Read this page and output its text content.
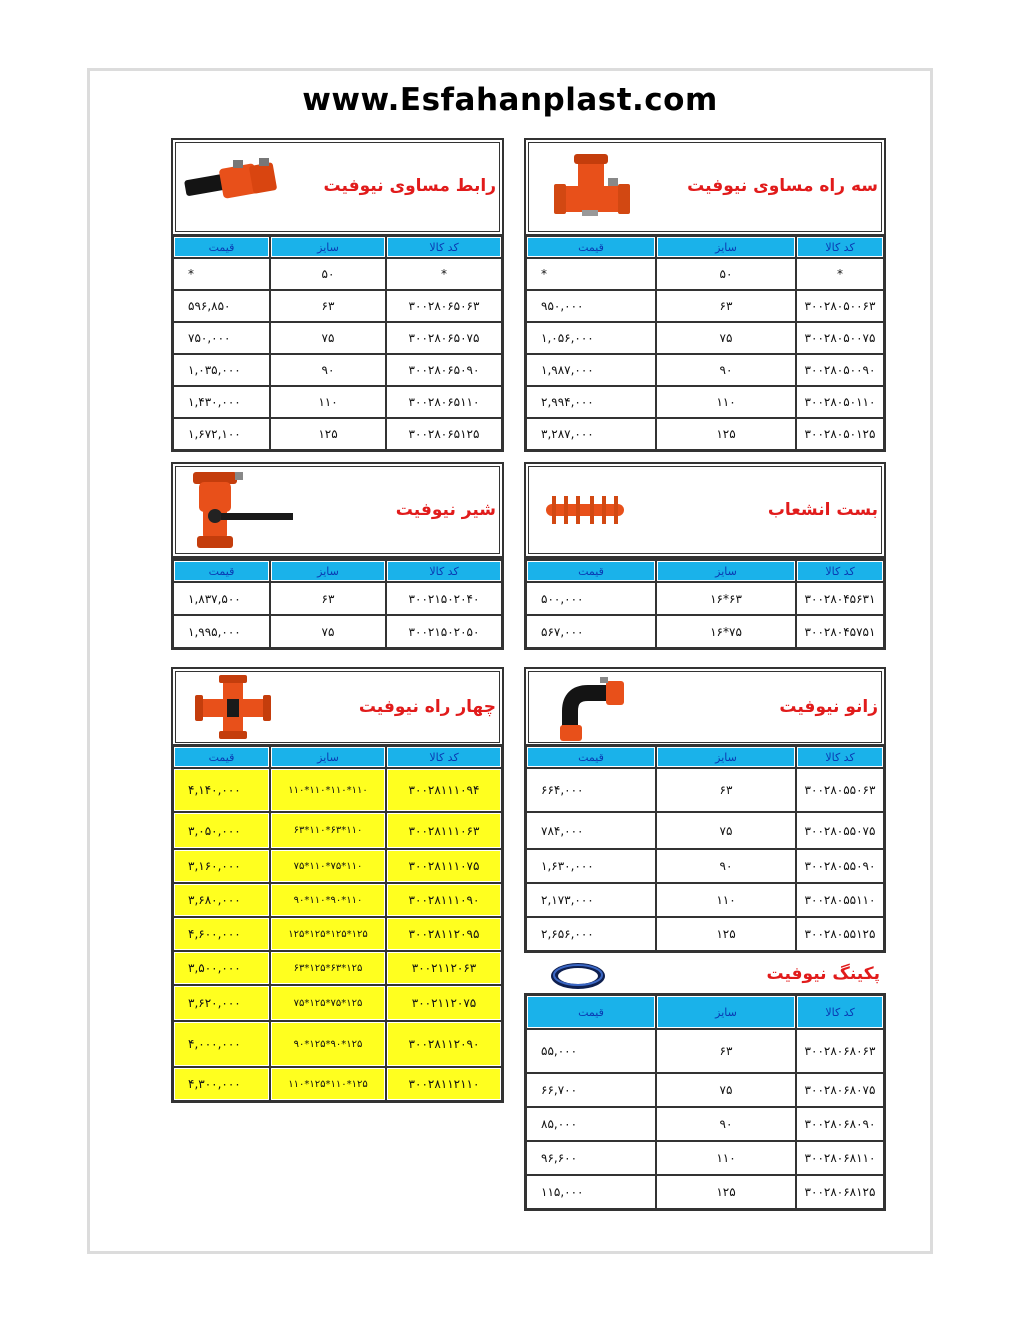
www.Esfahanplast.com
رابط مساوی نیوفیت
کد کالا	سایز	قیمت
*	۵۰	*
۳۰۰۲۸۰۶۵۰۶۳	۶۳	۵۹۶,۸۵۰
۳۰۰۲۸۰۶۵۰۷۵	۷۵	۷۵۰,۰۰۰
۳۰۰۲۸۰۶۵۰۹۰	۹۰	۱,۰۳۵,۰۰۰
۳۰۰۲۸۰۶۵۱۱۰	۱۱۰	۱,۴۳۰,۰۰۰
۳۰۰۲۸۰۶۵۱۲۵	۱۲۵	۱,۶۷۲,۱۰۰
سه راه مساوی نیوفیت
کد کالا	سایز	قیمت
*	۵۰	*
۳۰۰۲۸۰۵۰۰۶۳	۶۳	۹۵۰,۰۰۰
۳۰۰۲۸۰۵۰۰۷۵	۷۵	۱,۰۵۶,۰۰۰
۳۰۰۲۸۰۵۰۰۹۰	۹۰	۱,۹۸۷,۰۰۰
۳۰۰۲۸۰۵۰۱۱۰	۱۱۰	۲,۹۹۴,۰۰۰
۳۰۰۲۸۰۵۰۱۲۵	۱۲۵	۳,۲۸۷,۰۰۰
شیر نیوفیت
کد کالا	سایز	قیمت
۳۰۰۲۱۵۰۲۰۴۰	۶۳	۱,۸۳۷,۵۰۰
۳۰۰۲۱۵۰۲۰۵۰	۷۵	۱,۹۹۵,۰۰۰
بست انشعاب
کد کالا	سایز	قیمت
۳۰۰۲۸۰۴۵۶۳۱	۶۳*۱۶	۵۰۰,۰۰۰
۳۰۰۲۸۰۴۵۷۵۱	۷۵*۱۶	۵۶۷,۰۰۰
چهار راه نیوفیت
کد کالا	سایز	قیمت
۳۰۰۲۸۱۱۱۰۹۴	۱۱۰*۱۱۰*۱۱۰*۱۱۰	۴,۱۴۰,۰۰۰
۳۰۰۲۸۱۱۱۰۶۳	۱۱۰*۶۳*۱۱۰*۶۳	۳,۰۵۰,۰۰۰
۳۰۰۲۸۱۱۱۰۷۵	۱۱۰*۷۵*۱۱۰*۷۵	۳,۱۶۰,۰۰۰
۳۰۰۲۸۱۱۱۰۹۰	۱۱۰*۹۰*۱۱۰*۹۰	۳,۶۸۰,۰۰۰
۳۰۰۲۸۱۱۲۰۹۵	۱۲۵*۱۲۵*۱۲۵*۱۲۵	۴,۶۰۰,۰۰۰
۳۰۰۲۱۱۲۰۶۳	۱۲۵*۶۳*۱۲۵*۶۳	۳,۵۰۰,۰۰۰
۳۰۰۲۱۱۲۰۷۵	۱۲۵*۷۵*۱۲۵*۷۵	۳,۶۲۰,۰۰۰
۳۰۰۲۸۱۱۲۰۹۰	۱۲۵*۹۰*۱۲۵*۹۰	۴,۰۰۰,۰۰۰
۳۰۰۲۸۱۱۲۱۱۰	۱۲۵*۱۱۰*۱۲۵*۱۱۰	۴,۳۰۰,۰۰۰
زانو نیوفیت
کد کالا	سایز	قیمت
۳۰۰۲۸۰۵۵۰۶۳	۶۳	۶۶۴,۰۰۰
۳۰۰۲۸۰۵۵۰۷۵	۷۵	۷۸۴,۰۰۰
۳۰۰۲۸۰۵۵۰۹۰	۹۰	۱,۶۳۰,۰۰۰
۳۰۰۲۸۰۵۵۱۱۰	۱۱۰	۲,۱۷۳,۰۰۰
۳۰۰۲۸۰۵۵۱۲۵	۱۲۵	۲,۶۵۶,۰۰۰
پکینگ نیوفیت
کد کالا	سایز	قیمت
۳۰۰۲۸۰۶۸۰۶۳	۶۳	۵۵,۰۰۰
۳۰۰۲۸۰۶۸۰۷۵	۷۵	۶۶,۷۰۰
۳۰۰۲۸۰۶۸۰۹۰	۹۰	۸۵,۰۰۰
۳۰۰۲۸۰۶۸۱۱۰	۱۱۰	۹۶,۶۰۰
۳۰۰۲۸۰۶۸۱۲۵	۱۲۵	۱۱۵,۰۰۰
